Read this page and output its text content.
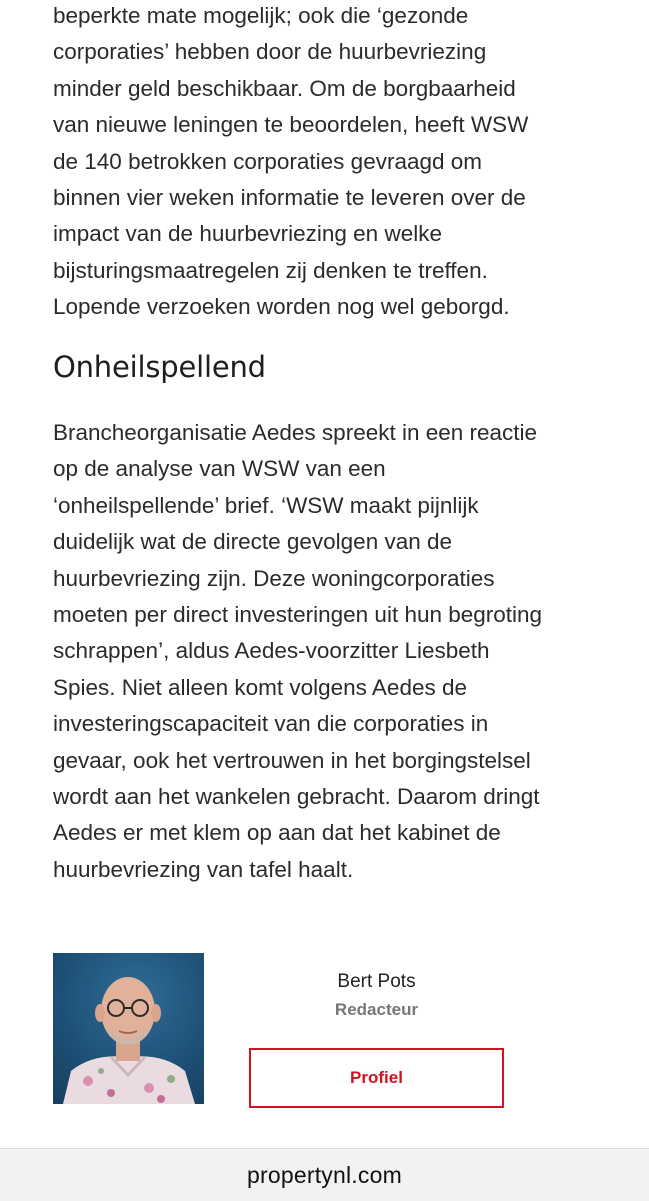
beperkte mate mogelijk; ook die ‘gezonde
corporaties’ hebben door de huurbevriezing
minder geld beschikbaar. Om de borgbaarheid
van nieuwe leningen te beoordelen, heeft WSW
de 140 betrokken corporaties gevraagd om
binnen vier weken informatie te leveren over de
impact van de huurbevriezing en welke
bijsturingsmaatregelen zij denken te treffen.
Lopende verzoeken worden nog wel geborgd.
Onheilspellend
Brancheorganisatie Aedes spreekt in een reactie
op de analyse van WSW van een
‘onheilspellende’ brief. ‘WSW maakt pijnlijk
duidelijk wat de directe gevolgen van de
huurbevriezing zijn. Deze woningcorporaties
moeten per direct investeringen uit hun begroting
schrappen’, aldus Aedes-voorzitter Liesbeth
Spies. Niet alleen komt volgens Aedes de
investeringscapaciteit van die corporaties in
gevaar, ook het vertrouwen in het borgingstelsel
wordt aan het wankelen gebracht. Daarom dringt
Aedes er met klem op aan dat het kabinet de
huurbevriezing van tafel haalt.
Bert Pots
Redacteur
Profiel
propertynl.com
